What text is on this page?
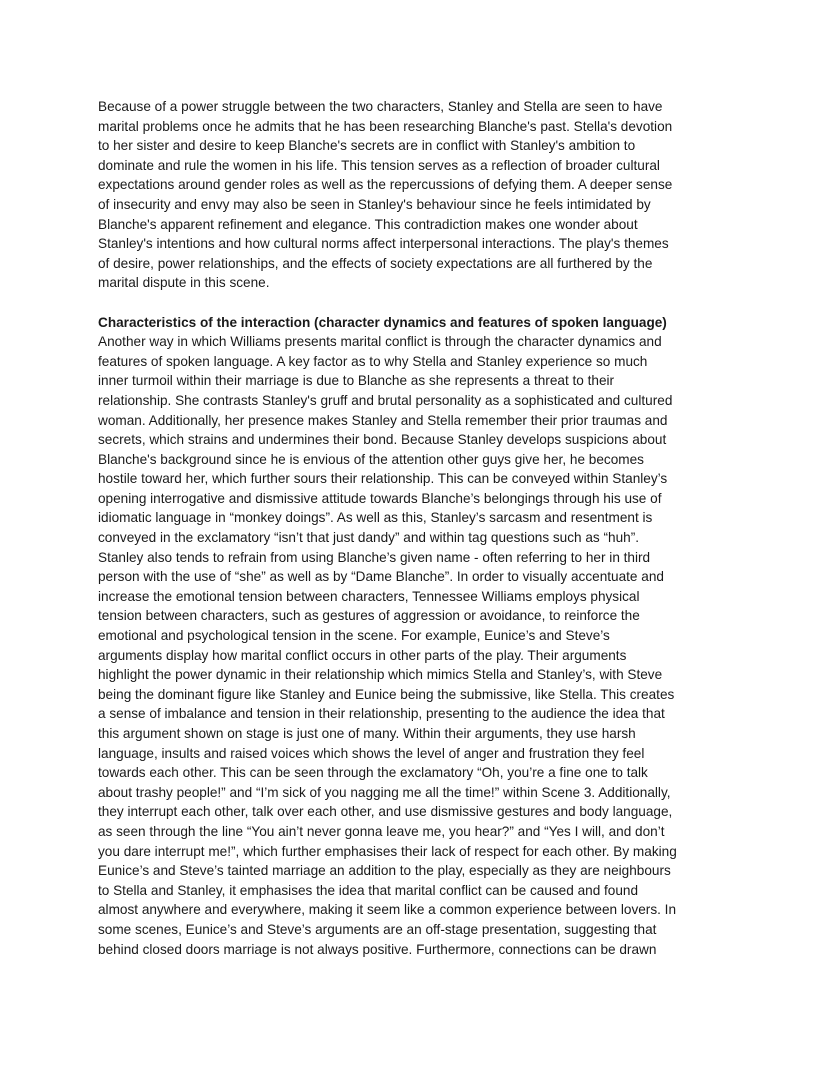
Because of a power struggle between the two characters, Stanley and Stella are seen to have
marital problems once he admits that he has been researching Blanche's past. Stella's devotion
to her sister and desire to keep Blanche's secrets are in conflict with Stanley's ambition to
dominate and rule the women in his life. This tension serves as a reflection of broader cultural
expectations around gender roles as well as the repercussions of defying them. A deeper sense
of insecurity and envy may also be seen in Stanley's behaviour since he feels intimidated by
Blanche's apparent refinement and elegance. This contradiction makes one wonder about
Stanley's intentions and how cultural norms affect interpersonal interactions. The play's themes
of desire, power relationships, and the effects of society expectations are all furthered by the
marital dispute in this scene.

Characteristics of the interaction (character dynamics and features of spoken language)

Another way in which Williams presents marital conflict is through the character dynamics and
features of spoken language. A key factor as to why Stella and Stanley experience so much
inner turmoil within their marriage is due to Blanche as she represents a threat to their
relationship. She contrasts Stanley's gruff and brutal personality as a sophisticated and cultured
woman. Additionally, her presence makes Stanley and Stella remember their prior traumas and
secrets, which strains and undermines their bond. Because Stanley develops suspicions about
Blanche's background since he is envious of the attention other guys give her, he becomes
hostile toward her, which further sours their relationship. This can be conveyed within Stanley’s
opening interrogative and dismissive attitude towards Blanche’s belongings through his use of
idiomatic language in “monkey doings”. As well as this, Stanley’s sarcasm and resentment is
conveyed in the exclamatory “isn’t that just dandy” and within tag questions such as “huh”.
Stanley also tends to refrain from using Blanche’s given name - often referring to her in third
person with the use of “she” as well as by “Dame Blanche”. In order to visually accentuate and
increase the emotional tension between characters, Tennessee Williams employs physical
tension between characters, such as gestures of aggression or avoidance, to reinforce the
emotional and psychological tension in the scene. For example, Eunice’s and Steve’s
arguments display how marital conflict occurs in other parts of the play. Their arguments
highlight the power dynamic in their relationship which mimics Stella and Stanley’s, with Steve
being the dominant figure like Stanley and Eunice being the submissive, like Stella. This creates
a sense of imbalance and tension in their relationship, presenting to the audience the idea that
this argument shown on stage is just one of many. Within their arguments, they use harsh
language, insults and raised voices which shows the level of anger and frustration they feel
towards each other. This can be seen through the exclamatory “Oh, you’re a fine one to talk
about trashy people!” and “I’m sick of you nagging me all the time!” within Scene 3. Additionally,
they interrupt each other, talk over each other, and use dismissive gestures and body language,
as seen through the line “You ain’t never gonna leave me, you hear?” and “Yes I will, and don’t
you dare interrupt me!”, which further emphasises their lack of respect for each other. By making
Eunice’s and Steve’s tainted marriage an addition to the play, especially as they are neighbours
to Stella and Stanley, it emphasises the idea that marital conflict can be caused and found
almost anywhere and everywhere, making it seem like a common experience between lovers. In
some scenes, Eunice’s and Steve’s arguments are an off-stage presentation, suggesting that
behind closed doors marriage is not always positive. Furthermore, connections can be drawn
